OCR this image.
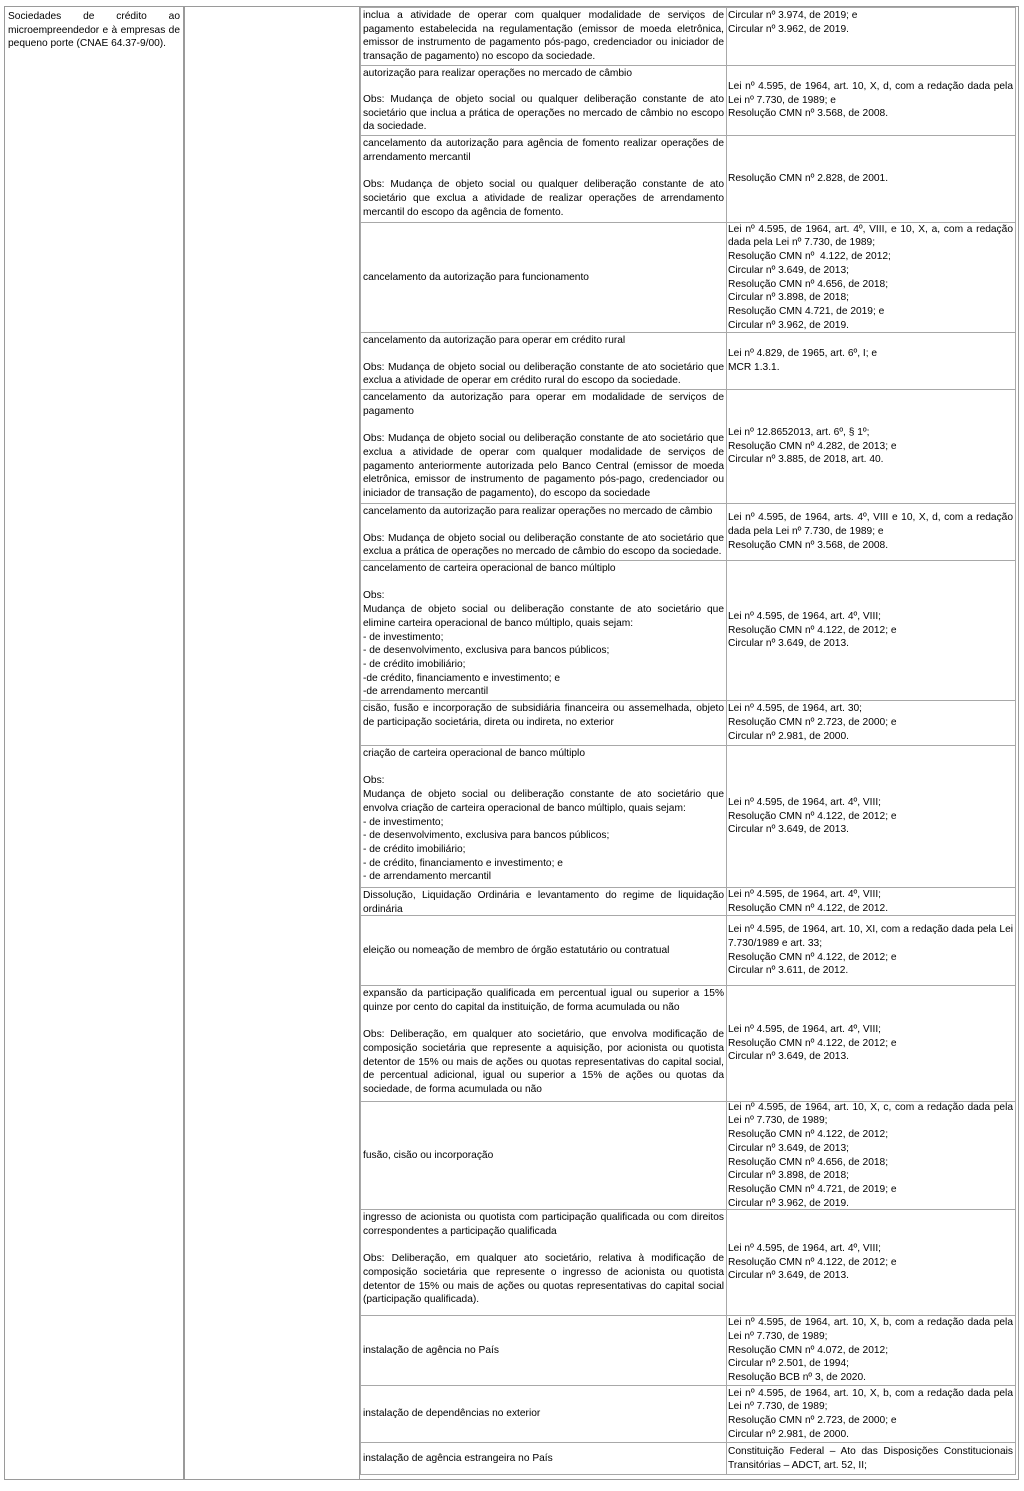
Sociedades de crédito ao microempreendedor e à empresas de pequeno porte (CNAE 64.37-9/00).

inclua a atividade de operar com qualquer modalidade de serviços de pagamento estabelecida na regulamentação (emissor de moeda eletrônica, emissor de instrumento de pagamento pós-pago, credenciador ou iniciador de transação de pagamento) no escopo da sociedade.

Circular nº 3.974, de 2019; e

Circular nº 3.962, de 2019.

autorização para realizar operações no mercado de câmbio

Obs: Mudança de objeto social ou qualquer deliberação constante de ato societário que inclua a prática de operações no mercado de câmbio no escopo da sociedade.

Lei nº 4.595, de 1964, art. 10, X, d, com a redação dada pela Lei nº 7.730, de 1989; e

Resolução CMN nº 3.568, de 2008.

cancelamento da autorização para agência de fomento realizar operações de arrendamento mercantil

Obs: Mudança de objeto social ou qualquer deliberação constante de ato societário que exclua a atividade de realizar operações de arrendamento mercantil do escopo da agência de fomento.

Resolução CMN nº 2.828, de 2001.

cancelamento da autorização para funcionamento

Lei nº 4.595, de 1964, art. 4º, VIII, e 10, X, a, com a redação dada pela Lei nº 7.730, de 1989;

Resolução CMN nº  4.122, de 2012;

Circular nº 3.649, de 2013;

Resolução CMN nº 4.656, de 2018;

Circular nº 3.898, de 2018;

Resolução CMN 4.721, de 2019; e

Circular nº 3.962, de 2019.

cancelamento da autorização para operar em crédito rural

Obs: Mudança de objeto social ou deliberação constante de ato societário que exclua a atividade de operar em crédito rural do escopo da sociedade.

Lei nº 4.829, de 1965, art. 6º, I; e

MCR 1.3.1.

cancelamento da autorização para operar em modalidade de serviços de pagamento

Obs: Mudança de objeto social ou deliberação constante de ato societário que exclua a atividade de operar com qualquer modalidade de serviços de pagamento anteriormente autorizada pelo Banco Central (emissor de moeda eletrônica, emissor de instrumento de pagamento pós-pago, credenciador ou iniciador de transação de pagamento), do escopo da sociedade

Lei nº 12.8652013, art. 6º, § 1º;

Resolução CMN nº 4.282, de 2013; e

Circular nº 3.885, de 2018, art. 40.

cancelamento da autorização para realizar operações no mercado de câmbio

Obs: Mudança de objeto social ou deliberação constante de ato societário que exclua a prática de operações no mercado de câmbio do escopo da sociedade.

Lei nº 4.595, de 1964, arts. 4º, VIII e 10, X, d, com a redação dada pela Lei nº 7.730, de 1989; e

Resolução CMN nº 3.568, de 2008.

cancelamento de carteira operacional de banco múltiplo

Obs:

Mudança de objeto social ou deliberação constante de ato societário que elimine carteira operacional de banco múltiplo, quais sejam:

- de investimento;

- de desenvolvimento, exclusiva para bancos públicos;

- de crédito imobiliário;

-de crédito, financiamento e investimento; e

-de arrendamento mercantil

Lei nº 4.595, de 1964, art. 4º, VIII;

Resolução CMN nº 4.122, de 2012; e

Circular nº 3.649, de 2013.

cisão, fusão e incorporação de subsidiária financeira ou assemelhada, objeto de participação societária, direta ou indireta, no exterior

Lei nº 4.595, de 1964, art. 30;

Resolução CMN nº 2.723, de 2000; e

Circular nº 2.981, de 2000.

criação de carteira operacional de banco múltiplo

Obs:

Mudança de objeto social ou deliberação constante de ato societário que envolva criação de carteira operacional de banco múltiplo, quais sejam:

- de investimento;

- de desenvolvimento, exclusiva para bancos públicos;

- de crédito imobiliário;

- de crédito, financiamento e investimento; e

- de arrendamento mercantil

Lei nº 4.595, de 1964, art. 4º, VIII;

Resolução CMN nº 4.122, de 2012; e

Circular nº 3.649, de 2013.

Dissolução, Liquidação Ordinária e levantamento do regime de liquidação ordinária

Lei nº 4.595, de 1964, art. 4º, VIII;

Resolução CMN nº 4.122, de 2012.

eleição ou nomeação de membro de órgão estatutário ou contratual

Lei nº 4.595, de 1964, art. 10, XI, com a redação dada pela Lei 7.730/1989 e art. 33;

Resolução CMN nº 4.122, de 2012; e

Circular nº 3.611, de 2012.

expansão da participação qualificada em percentual igual ou superior a 15% quinze por cento do capital da instituição, de forma acumulada ou não

Obs: Deliberação, em qualquer ato societário, que envolva modificação de composição societária que represente a aquisição, por acionista ou quotista detentor de 15% ou mais de ações ou quotas representativas do capital social, de percentual adicional, igual ou superior a 15% de ações ou quotas da sociedade, de forma acumulada ou não

Lei nº 4.595, de 1964, art. 4º, VIII;

Resolução CMN nº 4.122, de 2012; e

Circular nº 3.649, de 2013.

fusão, cisão ou incorporação

Lei nº 4.595, de 1964, art. 10, X, c, com a redação dada pela Lei nº 7.730, de 1989;

Resolução CMN nº 4.122, de 2012;

Circular nº 3.649, de 2013;

Resolução CMN nº 4.656, de 2018;

Circular nº 3.898, de 2018;

Resolução CMN nº 4.721, de 2019; e

Circular nº 3.962, de 2019.

ingresso de acionista ou quotista com participação qualificada ou com direitos correspondentes a participação qualificada

Obs: Deliberação, em qualquer ato societário, relativa à modificação de composição societária que represente o ingresso de acionista ou quotista detentor de 15% ou mais de ações ou quotas representativas do capital social (participação qualificada).

Lei nº 4.595, de 1964, art. 4º, VIII;

Resolução CMN nº 4.122, de 2012; e

Circular nº 3.649, de 2013.

instalação de agência no País

Lei nº 4.595, de 1964, art. 10, X, b, com a redação dada pela Lei nº 7.730, de 1989;

Resolução CMN nº 4.072, de 2012;

Circular nº 2.501, de 1994;

Resolução BCB nº 3, de 2020.

instalação de dependências no exterior

Lei nº 4.595, de 1964, art. 10, X, b, com a redação dada pela Lei nº 7.730, de 1989;

Resolução CMN nº 2.723, de 2000; e

Circular nº 2.981, de 2000.

instalação de agência estrangeira no País

Constituição Federal – Ato das Disposições Constitucionais Transitórias – ADCT, art. 52, II;
